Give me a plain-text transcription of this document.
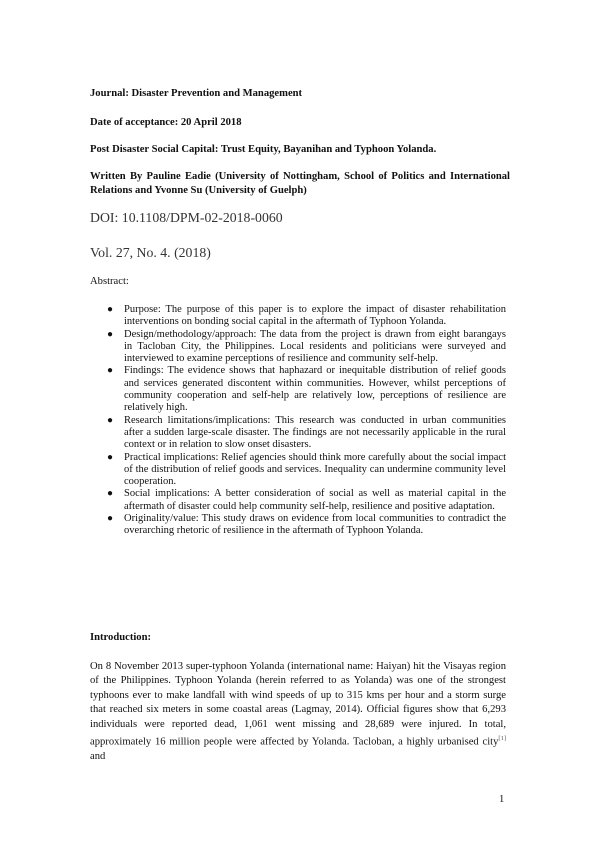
Journal: Disaster Prevention and Management
Date of acceptance: 20 April 2018
Post Disaster Social Capital: Trust Equity, Bayanihan and Typhoon Yolanda.
Written By Pauline Eadie (University of Nottingham, School of Politics and International Relations and Yvonne Su (University of Guelph)
DOI: 10.1108/DPM-02-2018-0060
Vol. 27, No. 4. (2018)
Abstract:
● Purpose: The purpose of this paper is to explore the impact of disaster rehabilitation interventions on bonding social capital in the aftermath of Typhoon Yolanda.
● Design/methodology/approach: The data from the project is drawn from eight barangays in Tacloban City, the Philippines. Local residents and politicians were surveyed and interviewed to examine perceptions of resilience and community self-help.
● Findings: The evidence shows that haphazard or inequitable distribution of relief goods and services generated discontent within communities. However, whilst perceptions of community cooperation and self-help are relatively low, perceptions of resilience are relatively high.
● Research limitations/implications: This research was conducted in urban communities after a sudden large-scale disaster. The findings are not necessarily applicable in the rural context or in relation to slow onset disasters.
● Practical implications: Relief agencies should think more carefully about the social impact of the distribution of relief goods and services. Inequality can undermine community level cooperation.
● Social implications: A better consideration of social as well as material capital in the aftermath of disaster could help community self-help, resilience and positive adaptation.
● Originality/value: This study draws on evidence from local communities to contradict the overarching rhetoric of resilience in the aftermath of Typhoon Yolanda.
Introduction:
On 8 November 2013 super-typhoon Yolanda (international name: Haiyan) hit the Visayas region of the Philippines. Typhoon Yolanda (herein referred to as Yolanda) was one of the strongest typhoons ever to make landfall with wind speeds of up to 315 kms per hour and a storm surge that reached six meters in some coastal areas (Lagmay, 2014). Official figures show that 6,293 individuals were reported dead, 1,061 went missing and 28,689 were injured. In total, approximately 16 million people were affected by Yolanda. Tacloban, a highly urbanised city[1] and
1
